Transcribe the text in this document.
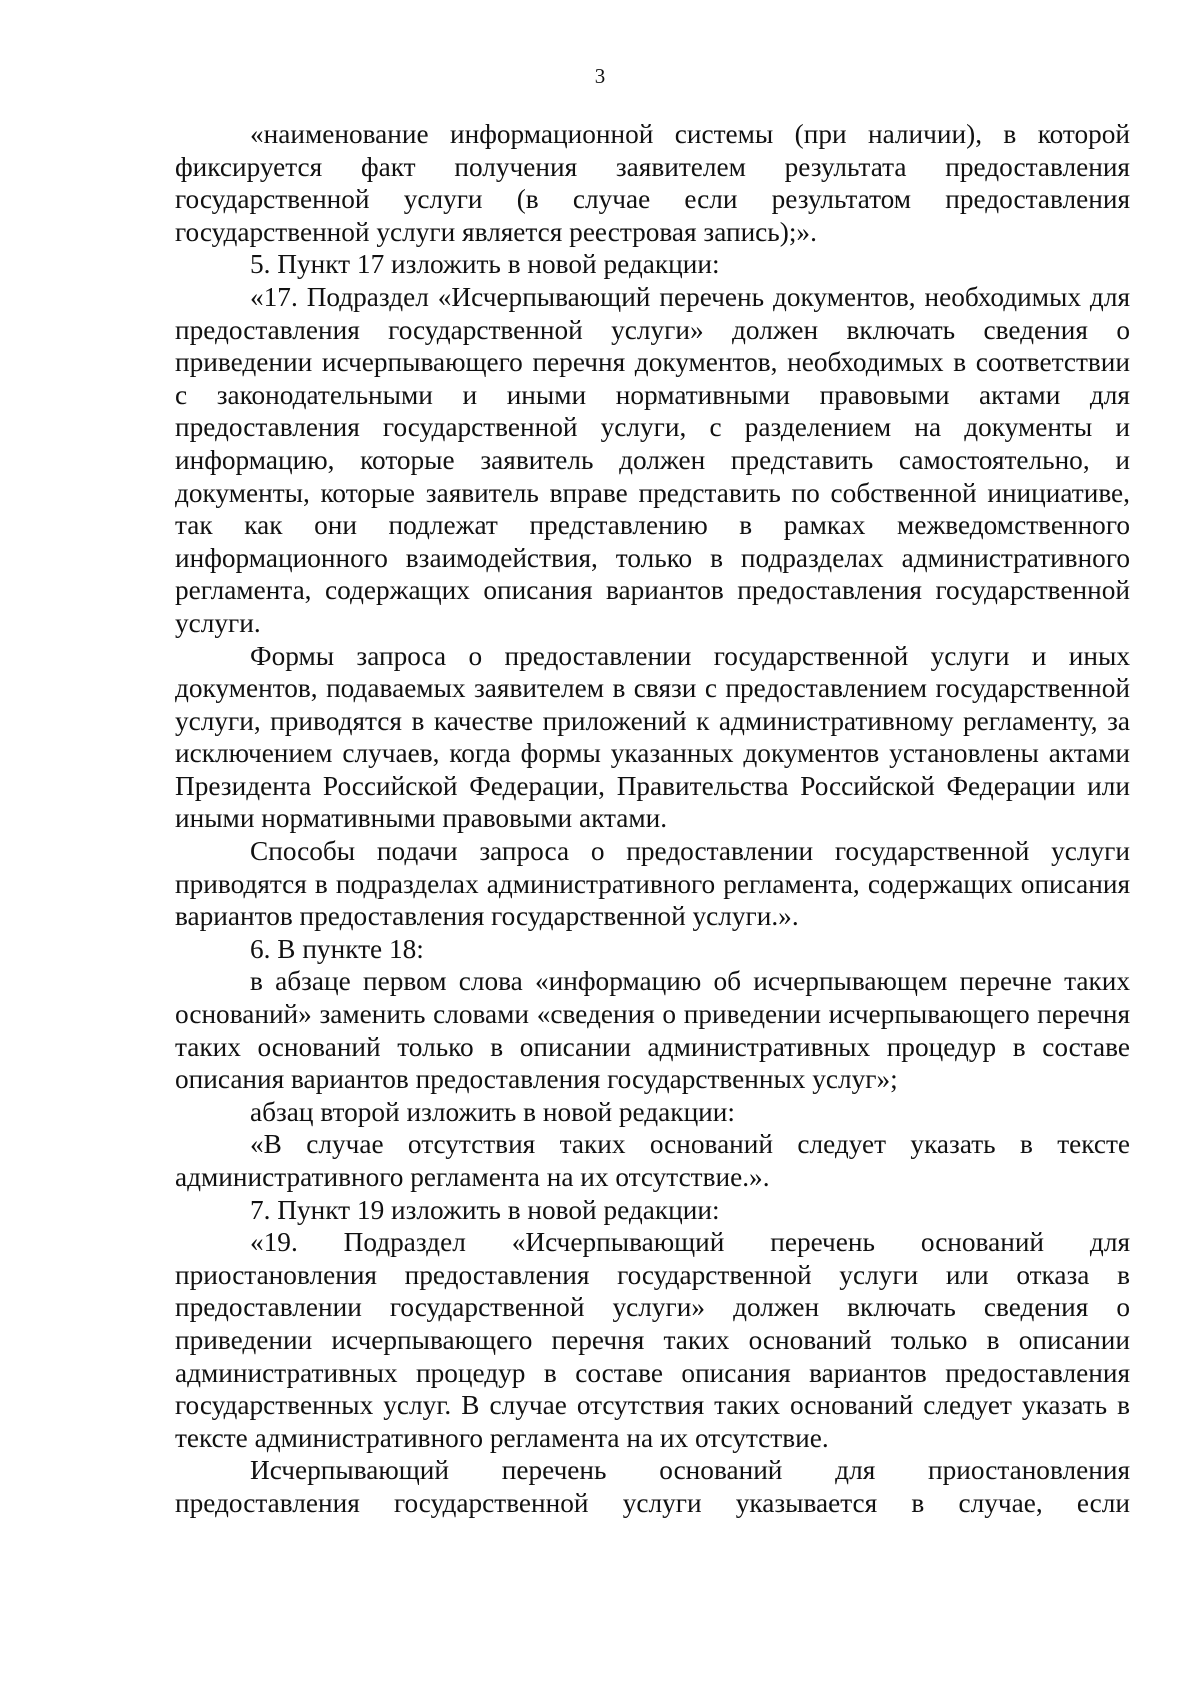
3

«наименование информационной системы (при наличии), в которой фиксируется факт получения заявителем результата предоставления государственной услуги (в случае если результатом предоставления государственной услуги является реестровая запись);».

5. Пункт 17 изложить в новой редакции:

«17. Подраздел «Исчерпывающий перечень документов, необходимых для предоставления государственной услуги» должен включать сведения о приведении исчерпывающего перечня документов, необходимых в соответствии с законодательными и иными нормативными правовыми актами для предоставления государственной услуги, с разделением на документы и информацию, которые заявитель должен представить самостоятельно, и документы, которые заявитель вправе представить по собственной инициативе, так как они подлежат представлению в рамках межведомственного информационного взаимодействия, только в подразделах административного регламента, содержащих описания вариантов предоставления государственной услуги.

Формы запроса о предоставлении государственной услуги и иных документов, подаваемых заявителем в связи с предоставлением государственной услуги, приводятся в качестве приложений к административному регламенту, за исключением случаев, когда формы указанных документов установлены актами Президента Российской Федерации, Правительства Российской Федерации или иными нормативными правовыми актами.

Способы подачи запроса о предоставлении государственной услуги приводятся в подразделах административного регламента, содержащих описания вариантов предоставления государственной услуги.».

6. В пункте 18:

в абзаце первом слова «информацию об исчерпывающем перечне таких оснований» заменить словами «сведения о приведении исчерпывающего перечня таких оснований только в описании административных процедур в составе описания вариантов предоставления государственных услуг»;

абзац второй изложить в новой редакции:

«В случае отсутствия таких оснований следует указать в тексте административного регламента на их отсутствие.».

7. Пункт 19 изложить в новой редакции:

«19. Подраздел «Исчерпывающий перечень оснований для приостановления предоставления государственной услуги или отказа в предоставлении государственной услуги» должен включать сведения о приведении исчерпывающего перечня таких оснований только в описании административных процедур в составе описания вариантов предоставления государственных услуг. В случае отсутствия таких оснований следует указать в тексте административного регламента на их отсутствие.

Исчерпывающий перечень оснований для приостановления предоставления государственной услуги указывается в случае, если
